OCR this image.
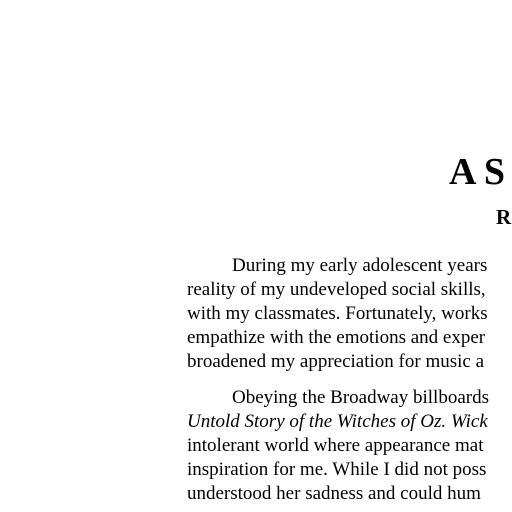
A S
R

During my early adolescent years

reality of my undeveloped social skills,

with my classmates. Fortunately, works

empathize with the emotions and exper

broadened my appreciation for music a

Obeying the Broadway billboards

Untold Story of the Witches of Oz. Wick

intolerant world where appearance mat

inspiration for me. While I did not poss

understood her sadness and could hum
